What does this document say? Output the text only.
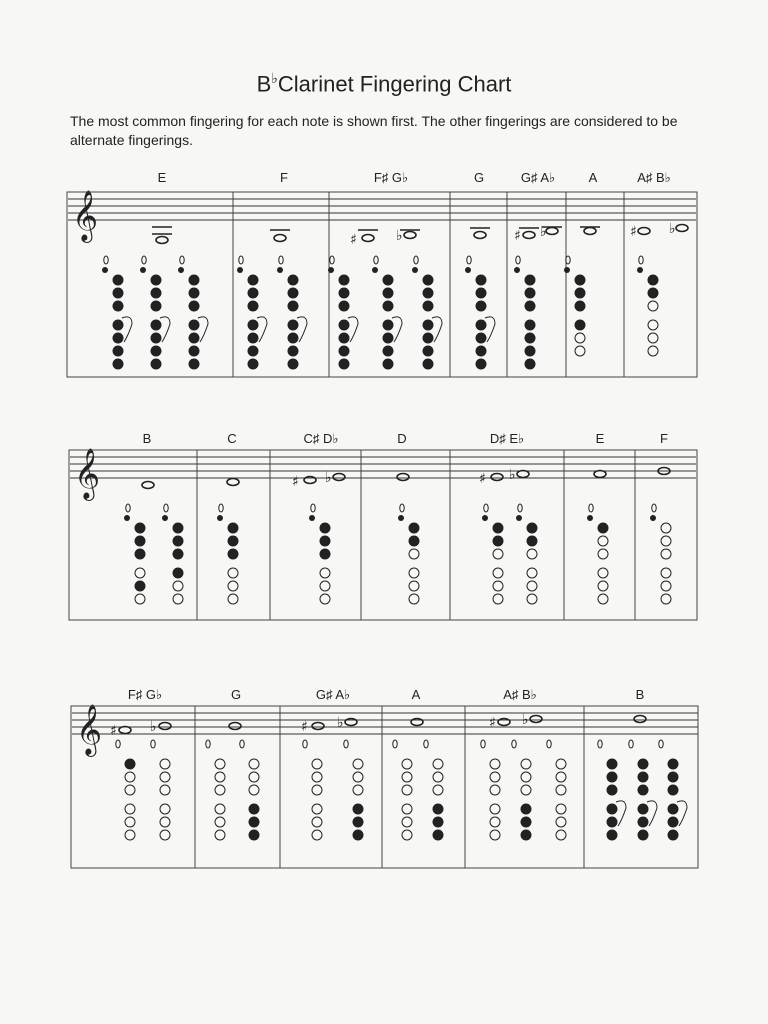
B♭Clarinet Fingering Chart
The most common fingering for each note is shown first. The other fingerings are considered to be alternate fingerings.
E	F	F♯ G♭	G	G♯ A♭	A	A♯ B♭
𝄞	♯	♭	♯ ♭	♯ ♭
B	C	C♯ D♭	D	D♯ E♭	E	F
𝄞	♯ ♭	♯ ♭
F♯ G♭	G	G♯ A♭	A	A♯ B♭	B
𝄞 ♯ ♭	♯ ♭	♯ ♭
